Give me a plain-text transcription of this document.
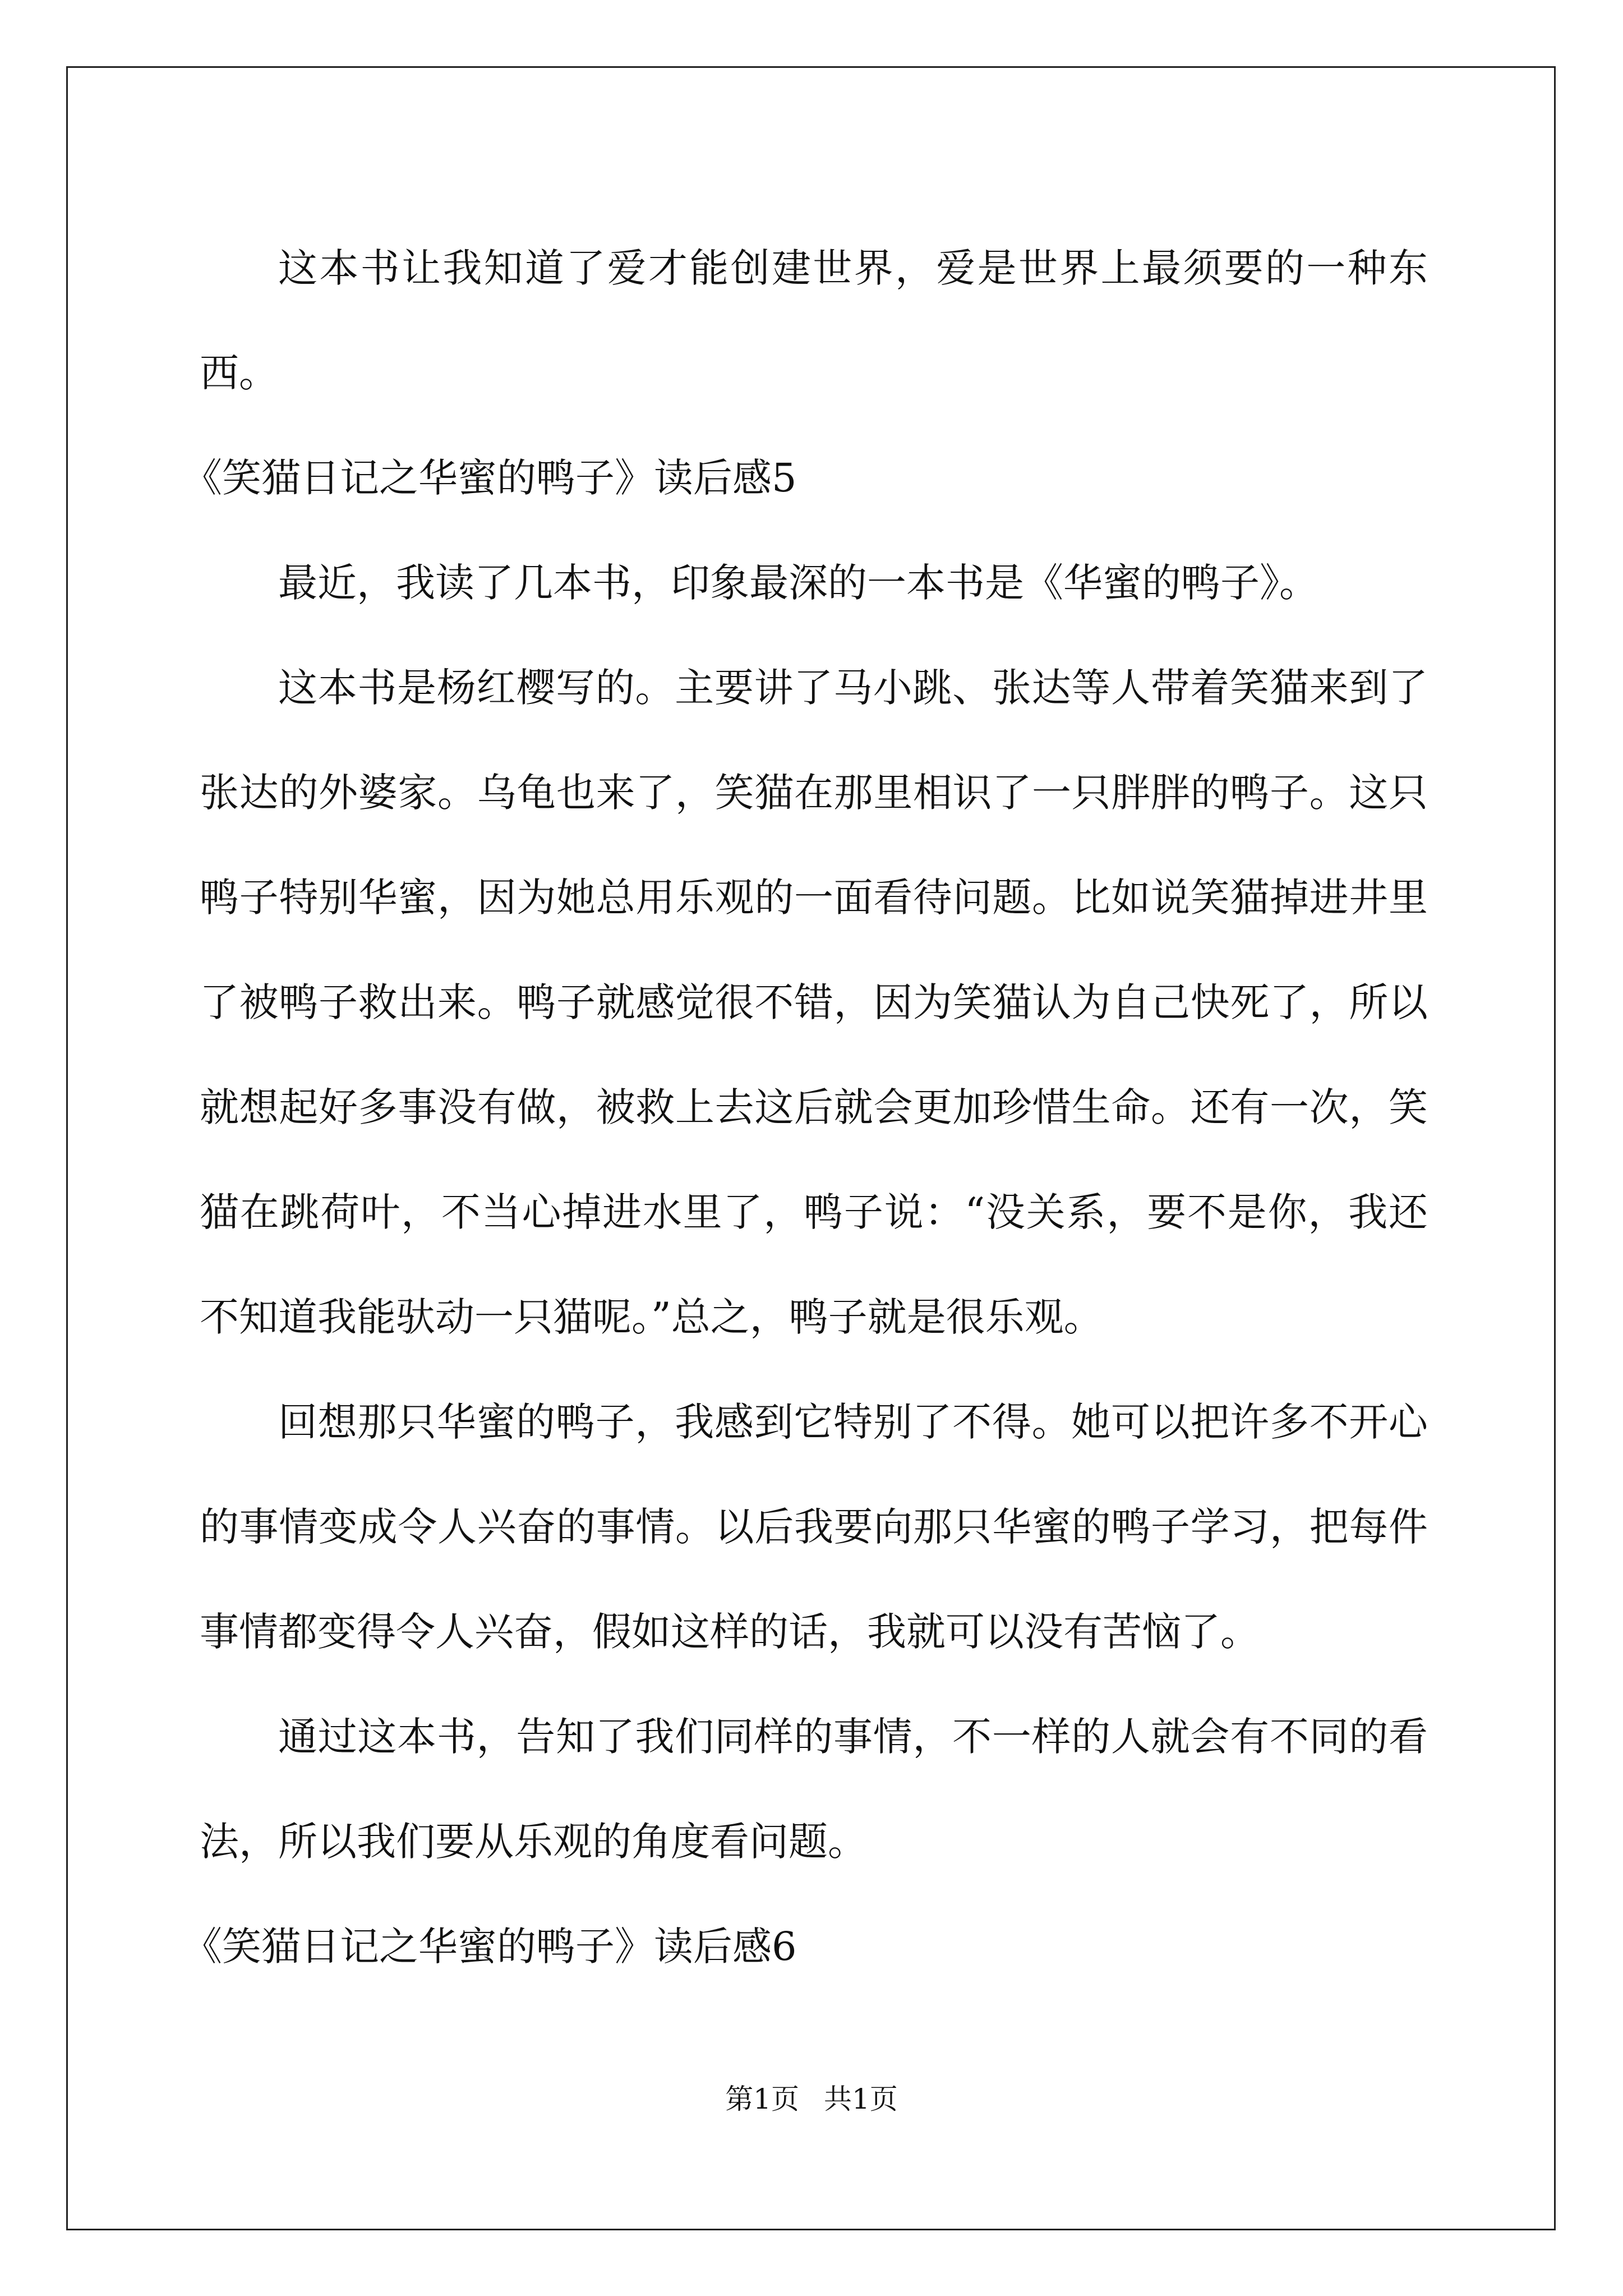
这本书让我知道了爱才能创建世界，爱是世界上最须要的一种东西。

《笑猫日记之华蜜的鸭子》读后感5

最近，我读了几本书，印象最深的一本书是《华蜜的鸭子》。

这本书是杨红樱写的。主要讲了马小跳、张达等人带着笑猫来到了张达的外婆家。乌龟也来了，笑猫在那里相识了一只胖胖的鸭子。这只鸭子特别华蜜，因为她总用乐观的一面看待问题。比如说笑猫掉进井里了被鸭子救出来。鸭子就感觉很不错，因为笑猫认为自己快死了，所以就想起好多事没有做，被救上去这后就会更加珍惜生命。还有一次，笑猫在跳荷叶，不当心掉进水里了，鸭子说：“没关系，要不是你，我还不知道我能驮动一只猫呢。”总之，鸭子就是很乐观。

回想那只华蜜的鸭子，我感到它特别了不得。她可以把许多不开心的事情变成令人兴奋的事情。以后我要向那只华蜜的鸭子学习，把每件事情都变得令人兴奋，假如这样的话，我就可以没有苦恼了。

通过这本书，告知了我们同样的事情，不一样的人就会有不同的看法，所以我们要从乐观的角度看问题。

《笑猫日记之华蜜的鸭子》读后感6

第1页 共1页
